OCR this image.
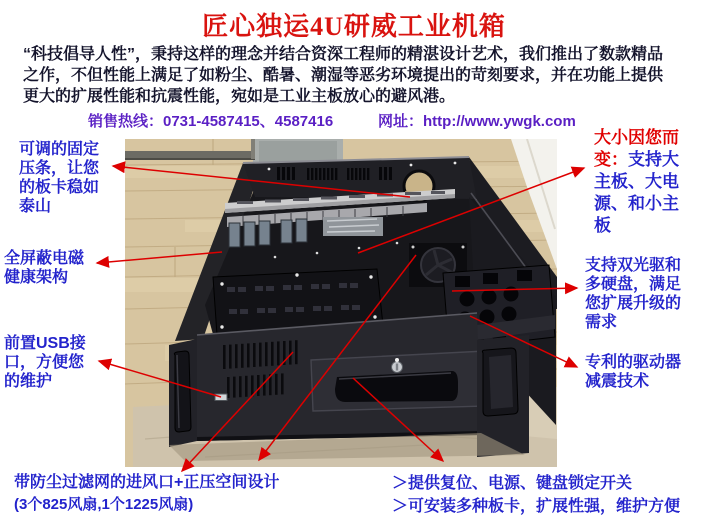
匠心独运4U研威工业机箱
“科技倡导人性”，秉持这样的理念并结合资深工程师的精湛设计艺术，我们推出了数款精品
之作，不但性能上满足了如粉尘、酷暑、潮湿等恶劣环境提出的苛刻要求，并在功能上提供
更大的扩展性能和抗震性能，宛如是工业主板放心的避风港。
销售热线：0731-4587415、4587416	网址：http://www.ywgk.com
可调的固定压条，让您的板卡稳如泰山
全屏蔽电磁健康架构
前置USB接口，方便您的维护
大小因您而变：支持大主板、大电源、和小主板
支持双光驱和多硬盘，满足您扩展升级的需求
专利的驱动器减震技术
带防尘过滤网的进风口+正压空间设计
(3个825风扇,1个1225风扇)
＞提供复位、电源、键盘锁定开关
＞可安装多种板卡，扩展性强，维护方便
